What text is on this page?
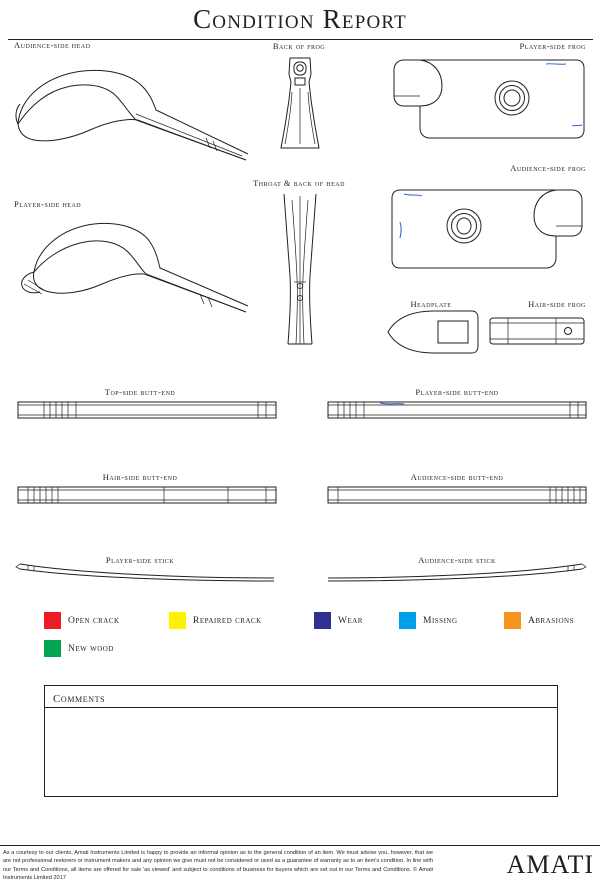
Condition Report
Audience-side head	Back of frog	Player-side frog
Audience-side frog
Player-side head
Throat & back of head
Headplate	Hair-side frog
Top-side butt-end	Player-side butt-end
Hair-side butt-end	Audience-side butt-end
Player-side stick	Audience-side stick
Open crack	Repaired crack	Wear	Missing	Abrasions
New wood
Comments
As a courtesy to our clients, Amati Instruments Limited is happy to provide an informal opinion as to the general condition of an item. We must advise you, however, that we are not professional restorers or instrument makers and any opinion we give must not be considered or used as a guarantee of warranty as to an item's condition. In line with our Terms and Conditions, all items are offered for sale 'as viewed' and subject to conditions of business for buyers which are set out in our Terms and Conditions. © Amati Instruments Limited 2017	AMATI
